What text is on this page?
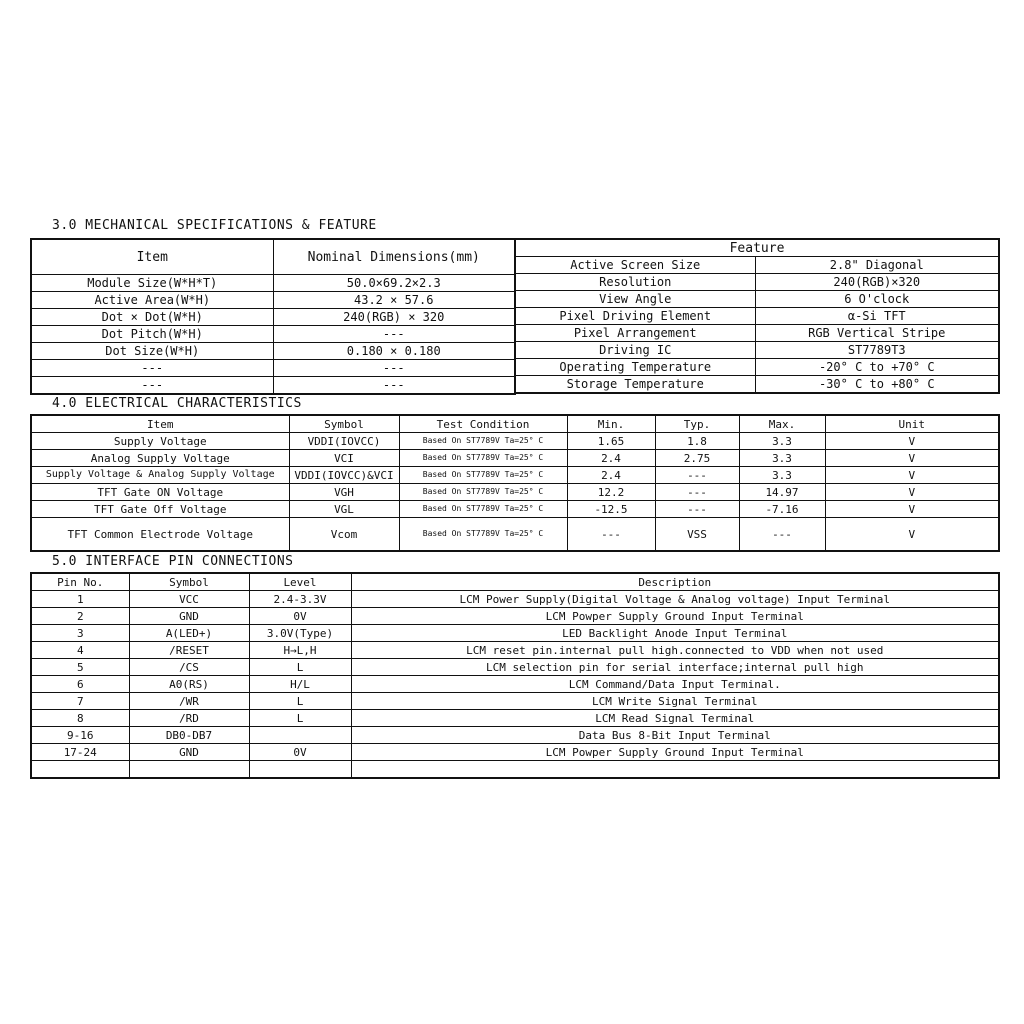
3.0 MECHANICAL SPECIFICATIONS & FEATURE
Item	Nominal Dimensions(mm)
Module Size(W*H*T)	50.0×69.2×2.3
Active Area(W*H)	43.2 × 57.6
Dot × Dot(W*H)	240(RGB) × 320
Dot Pitch(W*H)	---
Dot Size(W*H)	0.180 × 0.180
---	---
---	---
Feature	
Active Screen Size	2.8" Diagonal
Resolution	240(RGB)×320
View Angle	6 O'clock
Pixel Driving Element	α-Si TFT
Pixel Arrangement	RGB Vertical Stripe
Driving IC	ST7789T3
Operating Temperature	-20° C to +70° C
Storage Temperature	-30° C to +80° C
4.0 ELECTRICAL CHARACTERISTICS
Item	Symbol	Test Condition	Min.	Typ.	Max.	Unit
Supply Voltage	VDDI(IOVCC)	Based On ST7789V Ta=25° C	1.65	1.8	3.3	V
Analog Supply Voltage	VCI	Based On ST7789V Ta=25° C	2.4	2.75	3.3	V
Supply Voltage & Analog Supply Voltage	VDDI(IOVCC)&VCI	Based On ST7789V Ta=25° C	2.4	---	3.3	V
TFT Gate ON Voltage	VGH	Based On ST7789V Ta=25° C	12.2	---	14.97	V
TFT Gate Off Voltage	VGL	Based On ST7789V Ta=25° C	-12.5	---	-7.16	V
TFT Common Electrode Voltage	Vcom	Based On ST7789V Ta=25° C	---	VSS	---	V
5.0 INTERFACE PIN CONNECTIONS
Pin No.	Symbol	Level	Description
1	VCC	2.4-3.3V	LCM Power Supply(Digital Voltage & Analog voltage) Input Terminal
2	GND	0V	LCM Powper Supply Ground Input Terminal
3	A(LED+)	3.0V(Type)	LED Backlight Anode Input Terminal
4	/RESET	H→L,H	LCM reset pin.internal pull high.connected to VDD when not used
5	/CS	L	LCM selection pin for serial interface;internal pull high
6	A0(RS)	H/L	LCM Command/Data Input Terminal.
7	/WR	L	LCM Write Signal Terminal
8	/RD	L	LCM Read Signal Terminal
9-16	DB0-DB7		Data Bus 8-Bit Input Terminal
17-24	GND	0V	LCM Powper Supply Ground Input Terminal
